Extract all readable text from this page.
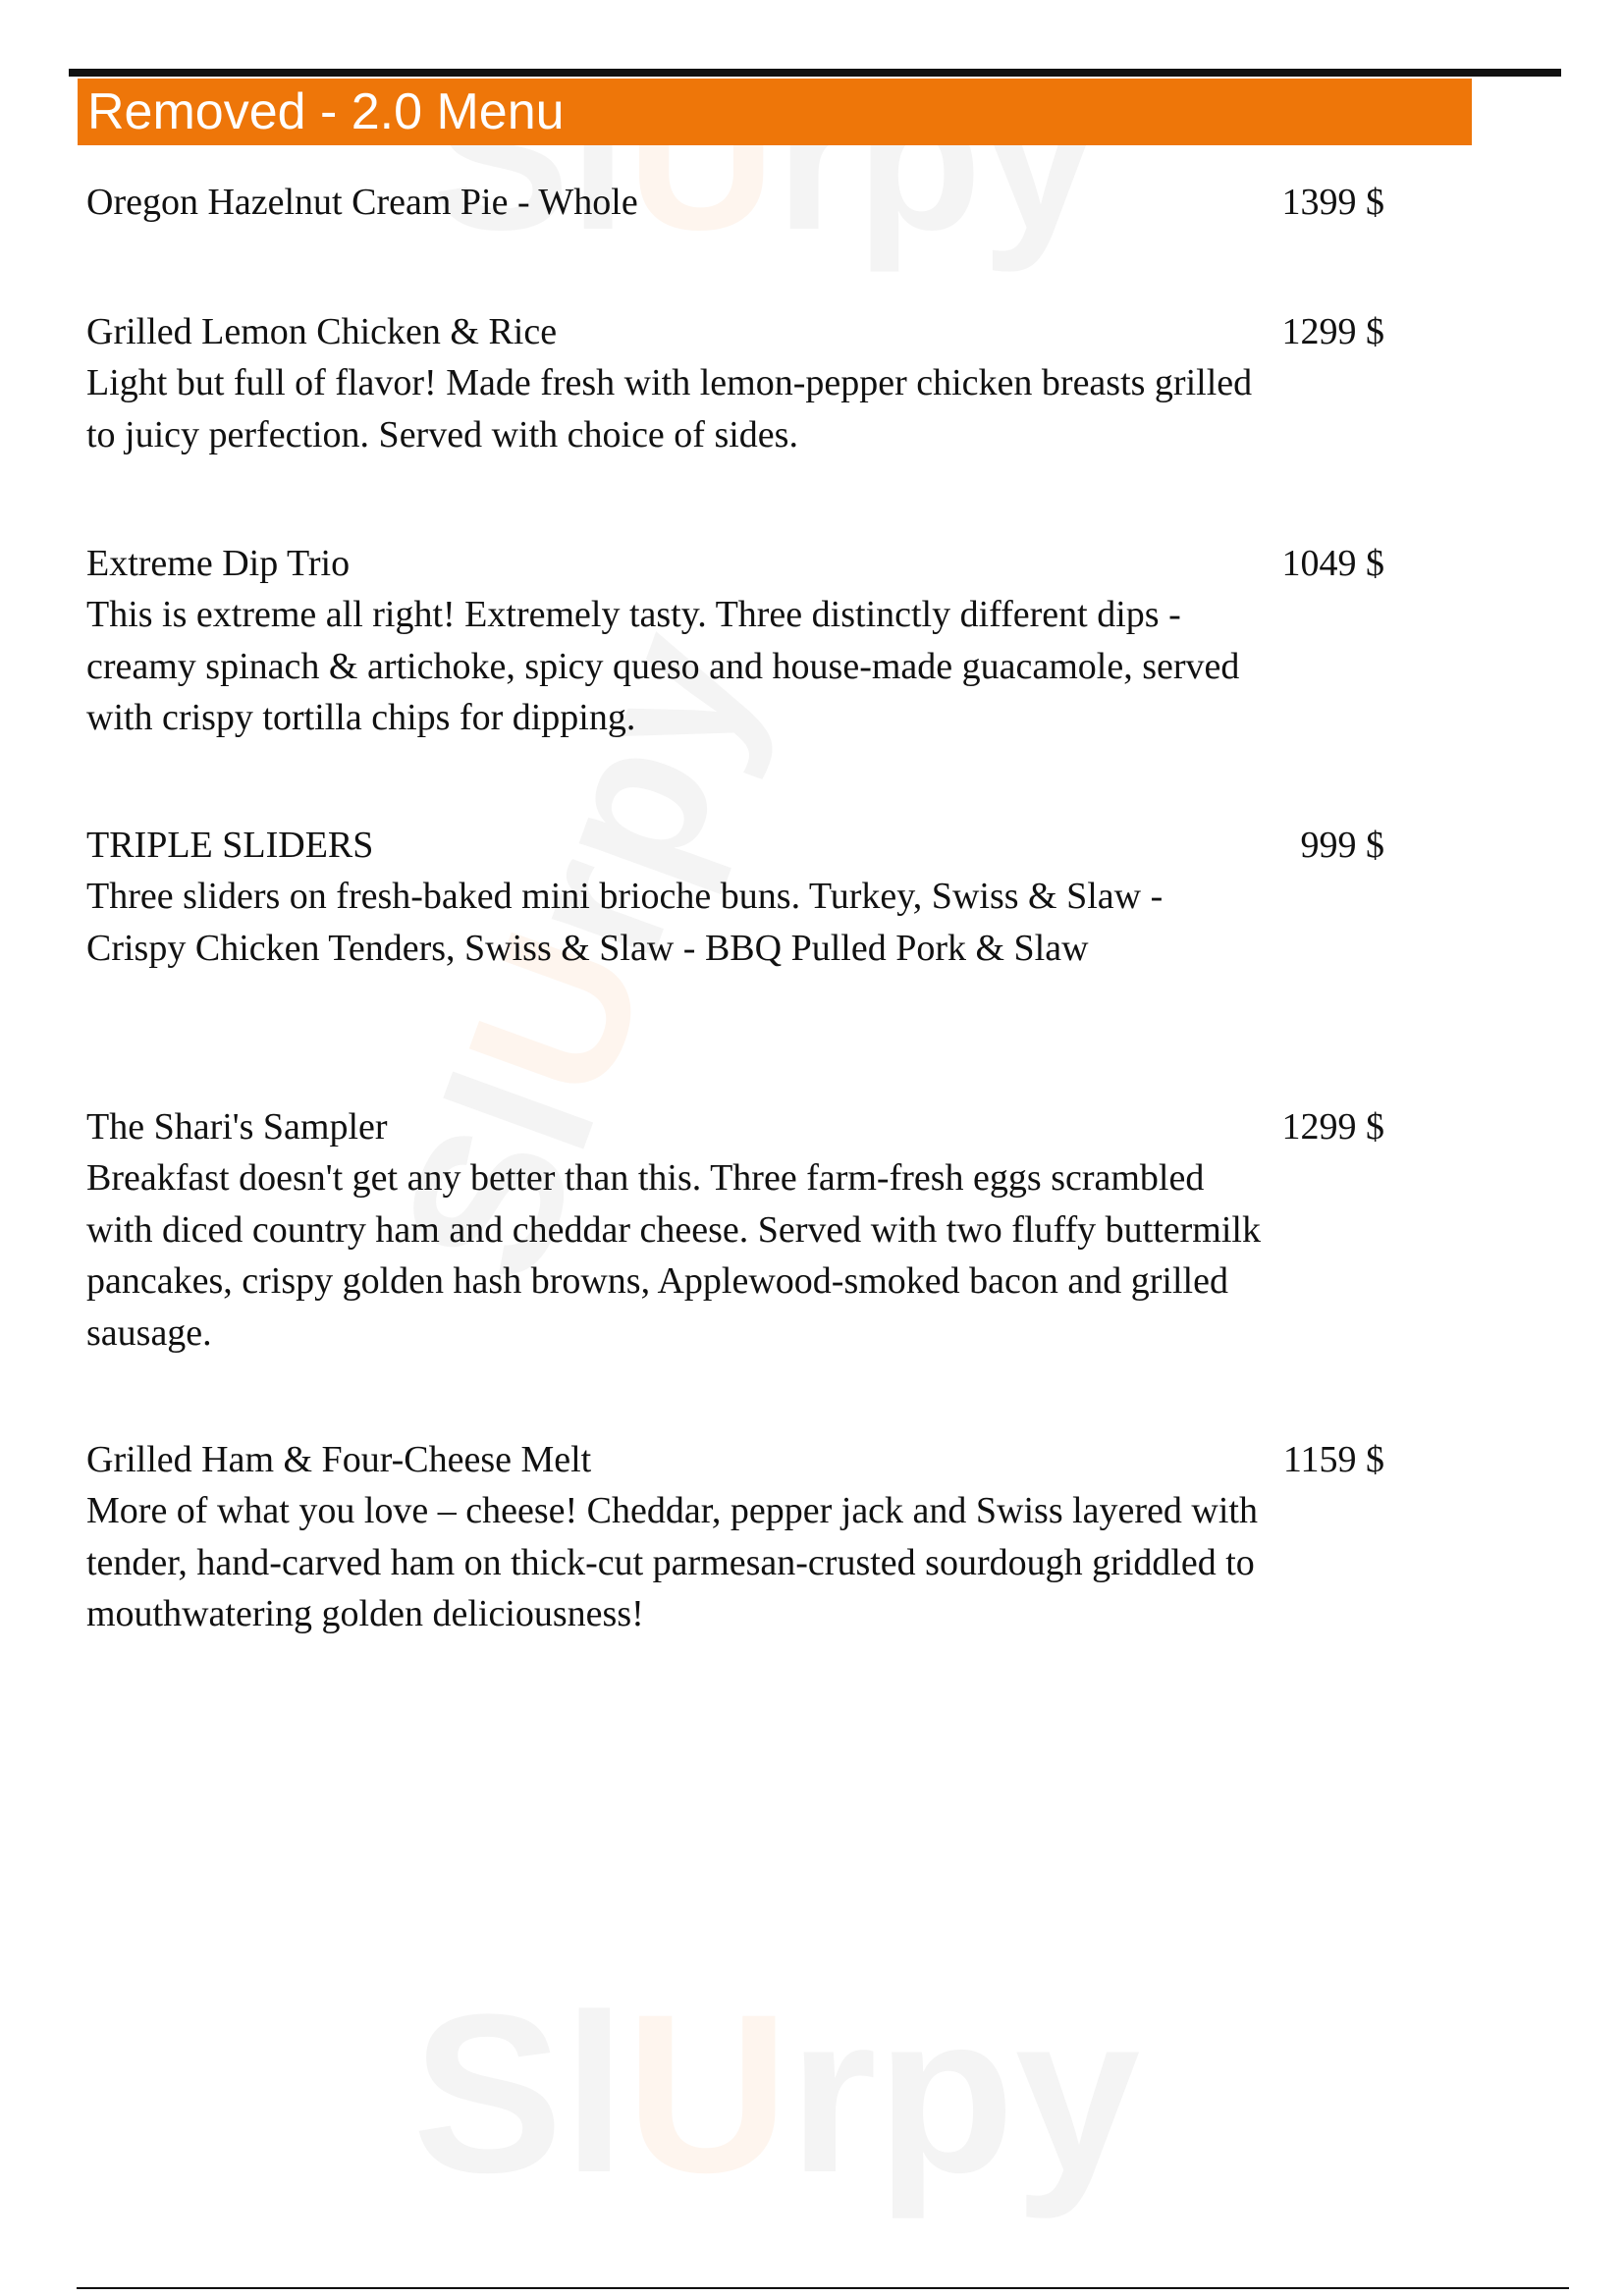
U
U
U
Removed - 2.0 Menu
Oregon Hazelnut Cream Pie - Whole	1399 $
Grilled Lemon Chicken & Rice	1299 $
Light but full of flavor! Made fresh with lemon-pepper chicken breasts grilled to juicy perfection. Served with choice of sides.
Extreme Dip Trio	1049 $
This is extreme all right! Extremely tasty. Three distinctly different dips - creamy spinach & artichoke, spicy queso and house-made guacamole, served with crispy tortilla chips for dipping.
TRIPLE SLIDERS	999 $
Three sliders on fresh-baked mini brioche buns. Turkey, Swiss & Slaw - Crispy Chicken Tenders, Swiss & Slaw - BBQ Pulled Pork & Slaw
The Shari's Sampler	1299 $
Breakfast doesn't get any better than this. Three farm-fresh eggs scrambled with diced country ham and cheddar cheese. Served with two fluffy buttermilk pancakes, crispy golden hash browns, Applewood-smoked bacon and grilled sausage.
Grilled Ham & Four-Cheese Melt	1159 $
More of what you love – cheese! Cheddar, pepper jack and Swiss layered with tender, hand-carved ham on thick-cut parmesan-crusted sourdough griddled to mouthwatering golden deliciousness!
